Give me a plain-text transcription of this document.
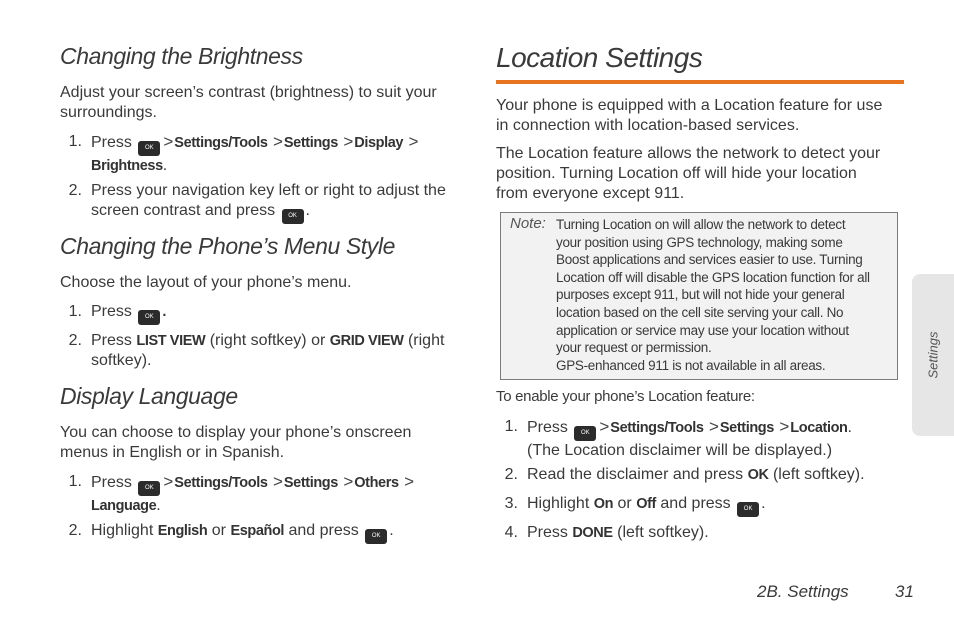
Changing the Brightness

Adjust your screen’s contrast (brightness) to suit your
surroundings.

1. Press OK >Settings/Tools >Settings >Display >
Brightness.
2. Press your navigation key left or right to adjust the
screen contrast and press OK .
Changing the Phone’s Menu Style

Choose the layout of your phone’s menu.

1. Press OK .
2. Press LIST VIEW (right softkey) or GRID VIEW (right
softkey).
Display Language

You can choose to display your phone’s onscreen
menus in English or in Spanish.

1. Press OK >Settings/Tools >Settings >Others >
Language.
2. Highlight English or Español and press OK .
Location Settings

Your phone is equipped with a Location feature for use
in connection with location-based services.

The Location feature allows the network to detect your
position. Turning Location off will hide your location
from everyone except 911.

Note: Turning Location on will allow the network to detect
your position using GPS technology, making some
Boost applications and services easier to use. Turning
Location off will disable the GPS location function for all
purposes except 911, but will not hide your general
location based on the cell site serving your call. No
application or service may use your location without
your request or permission.
GPS-enhanced 911 is not available in all areas.

To enable your phone’s Location feature:

1. Press OK >Settings/Tools >Settings >Location.
(The Location disclaimer will be displayed.)
2. Read the disclaimer and press OK (left softkey).
3. Highlight On or Off and press OK .
4. Press DONE (left softkey).
Settings
2B. Settings	31
